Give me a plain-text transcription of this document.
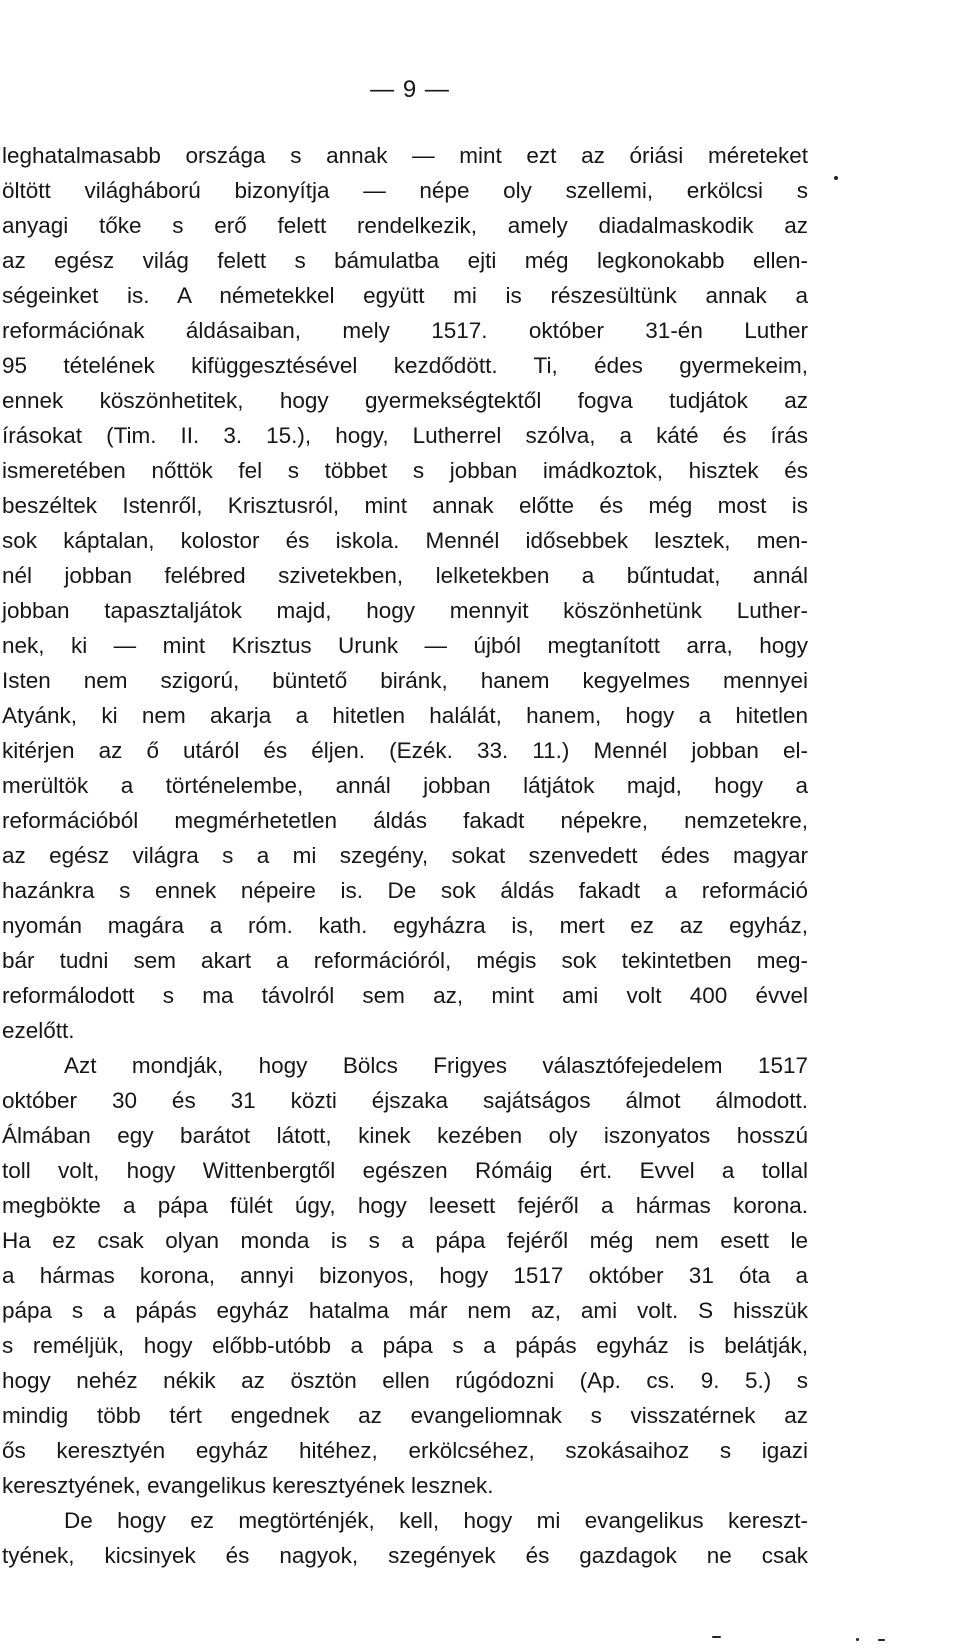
— 9 —
leghatalmasabb országa s annak — mint ezt az óriási méreteket
öltött világháború bizonyítja — népe oly szellemi, erkölcsi s
anyagi tőke s erő felett rendelkezik, amely diadalmaskodik az
az egész világ felett s bámulatba ejti még legkonokabb ellen-
ségeinket is. A németekkel együtt mi is részesültünk annak a
reformációnak áldásaiban, mely 1517. október 31-én Luther
95 tételének kifüggesztésével kezdődött. Ti, édes gyermekeim,
ennek köszönhetitek, hogy gyermekségtektől fogva tudjátok az
írásokat (Tim. II. 3. 15.), hogy, Lutherrel szólva, a káté és írás
ismeretében nőttök fel s többet s jobban imádkoztok, hisztek és
beszéltek Istenről, Krisztusról, mint annak előtte és még most is
sok káptalan, kolostor és iskola. Mennél idősebbek lesztek, men-
nél jobban felébred szivetekben, lelketekben a bűntudat, annál
jobban tapasztaljátok majd, hogy mennyit köszönhetünk Luther-
nek, ki — mint Krisztus Urunk — újból megtanított arra, hogy
Isten nem szigorú, büntető biránk, hanem kegyelmes mennyei
Atyánk, ki nem akarja a hitetlen halálát, hanem, hogy a hitetlen
kitérjen az ő utáról és éljen. (Ezék. 33. 11.) Mennél jobban el-
merültök a történelembe, annál jobban látjátok majd, hogy a
reformációból megmérhetetlen áldás fakadt népekre, nemzetekre,
az egész világra s a mi szegény, sokat szenvedett édes magyar
hazánkra s ennek népeire is. De sok áldás fakadt a reformáció
nyomán magára a róm. kath. egyházra is, mert ez az egyház,
bár tudni sem akart a reformációról, mégis sok tekintetben meg-
reformálodott s ma távolról sem az, mint ami volt 400 évvel
ezelőtt.
Azt mondják, hogy Bölcs Frigyes választófejedelem 1517
október 30 és 31 közti éjszaka sajátságos álmot álmodott.
Álmában egy barátot látott, kinek kezében oly iszonyatos hosszú
toll volt, hogy Wittenbergtől egészen Rómáig ért. Evvel a tollal
megbökte a pápa fülét úgy, hogy leesett fejéről a hármas korona.
Ha ez csak olyan monda is s a pápa fejéről még nem esett le
a hármas korona, annyi bizonyos, hogy 1517 október 31 óta a
pápa s a pápás egyház hatalma már nem az, ami volt. S hisszük
s reméljük, hogy előbb-utóbb a pápa s a pápás egyház is belátják,
hogy nehéz nékik az ösztön ellen rúgódozni (Ap. cs. 9. 5.) s
mindig több tért engednek az evangeliomnak s visszatérnek az
ős keresztyén egyház hitéhez, erkölcséhez, szokásaihoz s igazi
keresztyének, evangelikus keresztyének lesznek.
De hogy ez megtörténjék, kell, hogy mi evangelikus kereszt-
tyének, kicsinyek és nagyok, szegények és gazdagok ne csak
